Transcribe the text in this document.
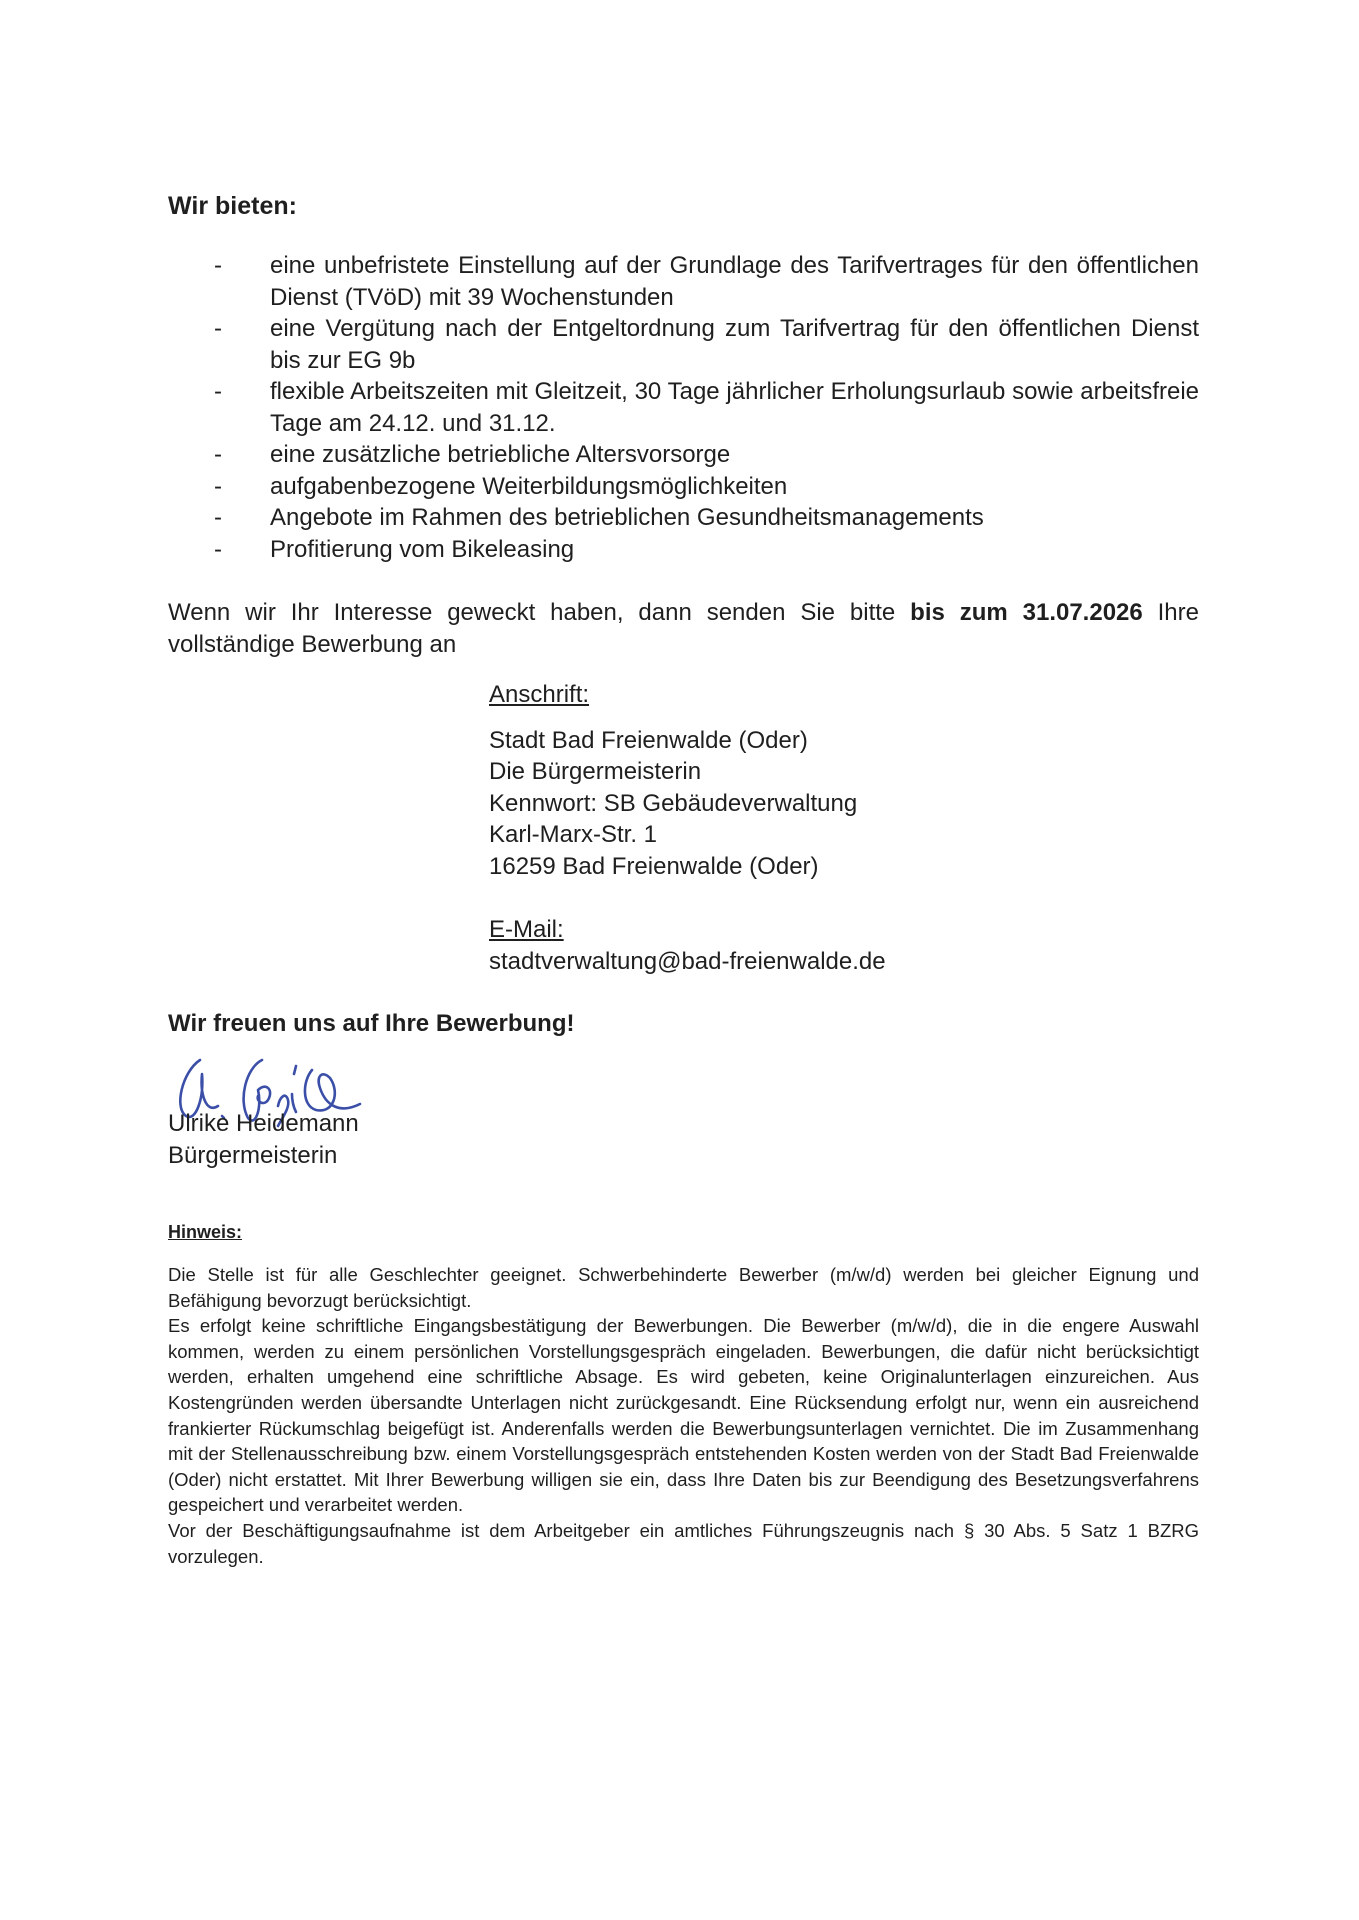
Wir bieten:
-	eine unbefristete Einstellung auf der Grundlage des Tarifvertrages für den öffentlichen Dienst (TVöD) mit 39 Wochenstunden
-	eine Vergütung nach der Entgeltordnung zum Tarifvertrag für den öffentlichen Dienst bis zur EG 9b
-	flexible Arbeitszeiten mit Gleitzeit, 30 Tage jährlicher Erholungsurlaub sowie arbeitsfreie Tage am 24.12. und 31.12.
-	eine zusätzliche betriebliche Altersvorsorge
-	aufgabenbezogene Weiterbildungsmöglichkeiten
-	Angebote im Rahmen des betrieblichen Gesundheitsmanagements
-	Profitierung vom Bikeleasing
Wenn wir Ihr Interesse geweckt haben, dann senden Sie bitte bis zum 31.07.2026 Ihre vollständige Bewerbung an
Anschrift:
Stadt Bad Freienwalde (Oder)
Die Bürgermeisterin
Kennwort: SB Gebäudeverwaltung
Karl-Marx-Str. 1
16259 Bad Freienwalde (Oder)
E-Mail:
stadtverwaltung@bad-freienwalde.de
Wir freuen uns auf Ihre Bewerbung!
Ulrike Heidemann
Bürgermeisterin
Hinweis:

Die Stelle ist für alle Geschlechter geeignet. Schwerbehinderte Bewerber (m/w/d) werden bei gleicher Eignung und Befähigung bevorzugt berücksichtigt.

Es erfolgt keine schriftliche Eingangsbestätigung der Bewerbungen. Die Bewerber (m/w/d), die in die engere Auswahl kommen, werden zu einem persönlichen Vorstellungsgespräch eingeladen. Bewerbungen, die dafür nicht berücksichtigt werden, erhalten umgehend eine schriftliche Absage. Es wird gebeten, keine Originalunterlagen einzureichen. Aus Kostengründen werden übersandte Unterlagen nicht zurückgesandt. Eine Rücksendung erfolgt nur, wenn ein ausreichend frankierter Rückumschlag beigefügt ist. Anderenfalls werden die Bewerbungsunterlagen vernichtet. Die im Zusammenhang mit der Stellenausschreibung bzw. einem Vorstellungsgespräch entstehenden Kosten werden von der Stadt Bad Freienwalde (Oder) nicht erstattet. Mit Ihrer Bewerbung willigen sie ein, dass Ihre Daten bis zur Beendigung des Besetzungsverfahrens gespeichert und verarbeitet werden.

Vor der Beschäftigungsaufnahme ist dem Arbeitgeber ein amtliches Führungszeugnis nach § 30 Abs. 5 Satz 1 BZRG vorzulegen.
